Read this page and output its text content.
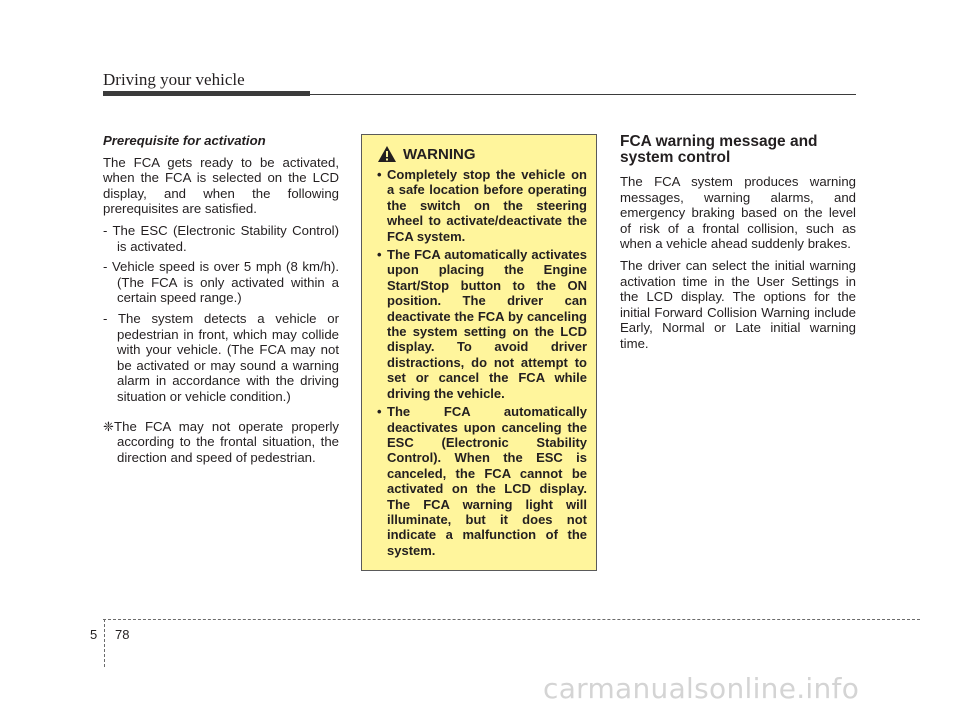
Driving your vehicle
Prerequisite for activation

The FCA gets ready to be activated, when the FCA is selected on the LCD display, and when the following prerequisites are satisfied.

- The ESC (Electronic Stability Control) is activated.
- Vehicle speed is over 5 mph (8 km/h). (The FCA is only activated within a certain speed range.)
- The system detects a vehicle or pedestrian in front, which may collide with your vehicle. (The FCA may not be activated or may sound a warning alarm in accordance with the driving situation or vehicle condition.)
❈The FCA may not operate properly according to the frontal situation, the direction and speed of pedestrian.
WARNING
• Completely stop the vehicle on a safe location before operating the switch on the steering wheel to activate/deactivate the FCA system.
• The FCA automatically activates upon placing the Engine Start/Stop button to the ON position. The driver can deactivate the FCA by canceling the system setting on the LCD display. To avoid driver distractions, do not attempt to set or cancel the FCA while driving the vehicle.
• The FCA automatically deactivates upon canceling the ESC (Electronic Stability Control). When the ESC is canceled, the FCA cannot be activated on the LCD display. The FCA warning light will illuminate, but it does not indicate a malfunction of the system.
FCA warning message and system control

The FCA system produces warning messages, warning alarms, and emergency braking based on the level of risk of a frontal collision, such as when a vehicle ahead suddenly brakes.

The driver can select the initial warning activation time in the User Settings in the LCD display. The options for the initial Forward Collision Warning include Early, Normal or Late initial warning time.

5 78
carmanualsonline.info
